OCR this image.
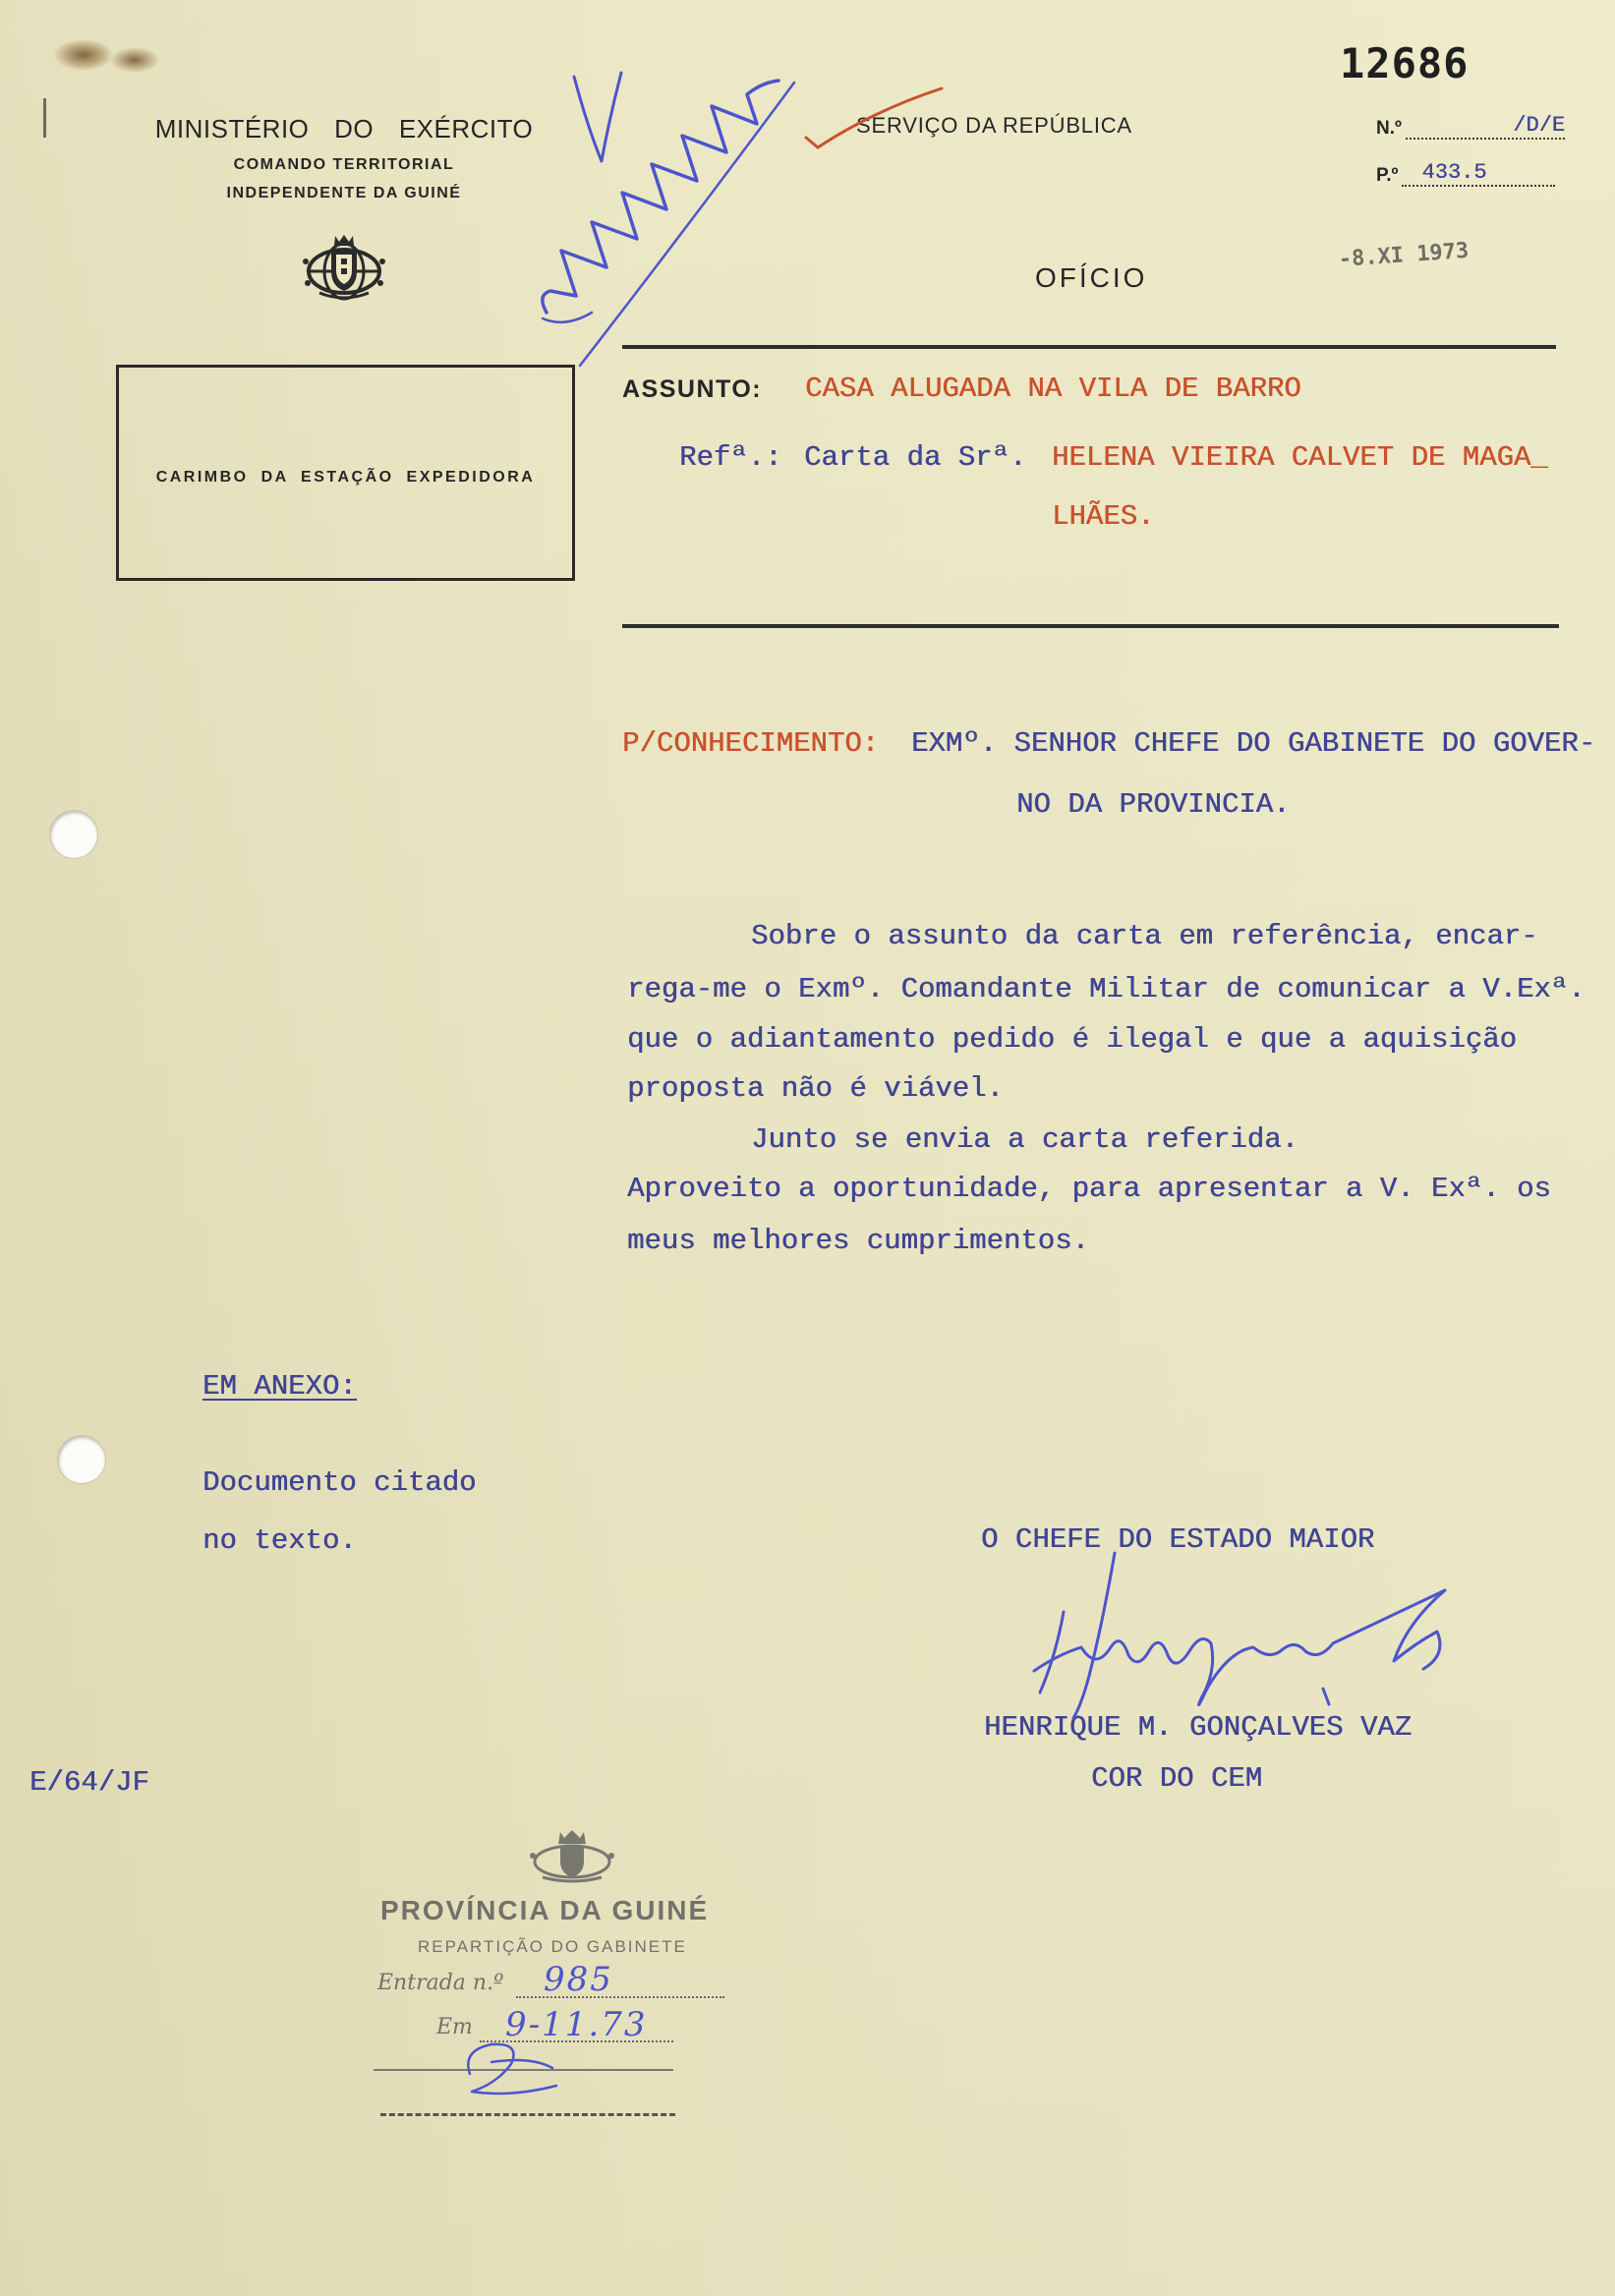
12686
MINISTÉRIO DO EXÉRCITO
COMANDO TERRITORIAL
INDEPENDENTE DA GUINÉ
SERVIÇO DA REPÚBLICA
OFÍCIO
N.º	/D/E
P.º 433.5
-8.XI 1973
CARIMBO DA ESTAÇÃO EXPEDIDORA
ASSUNTO: CASA ALUGADA NA VILA DE BARRO
Refª.: Carta da Srª. HELENA VIEIRA CALVET DE MAGA_
LHÃES.
P/CONHECIMENTO: EXMº. SENHOR CHEFE DO GABINETE DO GOVER-
NO DA PROVINCIA.
Sobre o assunto da carta em referência, encar-
rega-me o Exmº. Comandante Militar de comunicar a V.Exª.
que o adiantamento pedido é ilegal e que a aquisição
proposta não é viável.
Junto se envia a carta referida.
Aproveito a oportunidade, para apresentar a V. Exª. os
meus melhores cumprimentos.
EM ANEXO:
Documento citado
no texto.	O CHEFE DO ESTADO MAIOR
HENRIQUE M. GONÇALVES VAZ
COR DO CEM
E/64/JF
PROVÍNCIA DA GUINÉ
REPARTIÇÃO DO GABINETE
Entrada n.º 985
Em 9-11.73
